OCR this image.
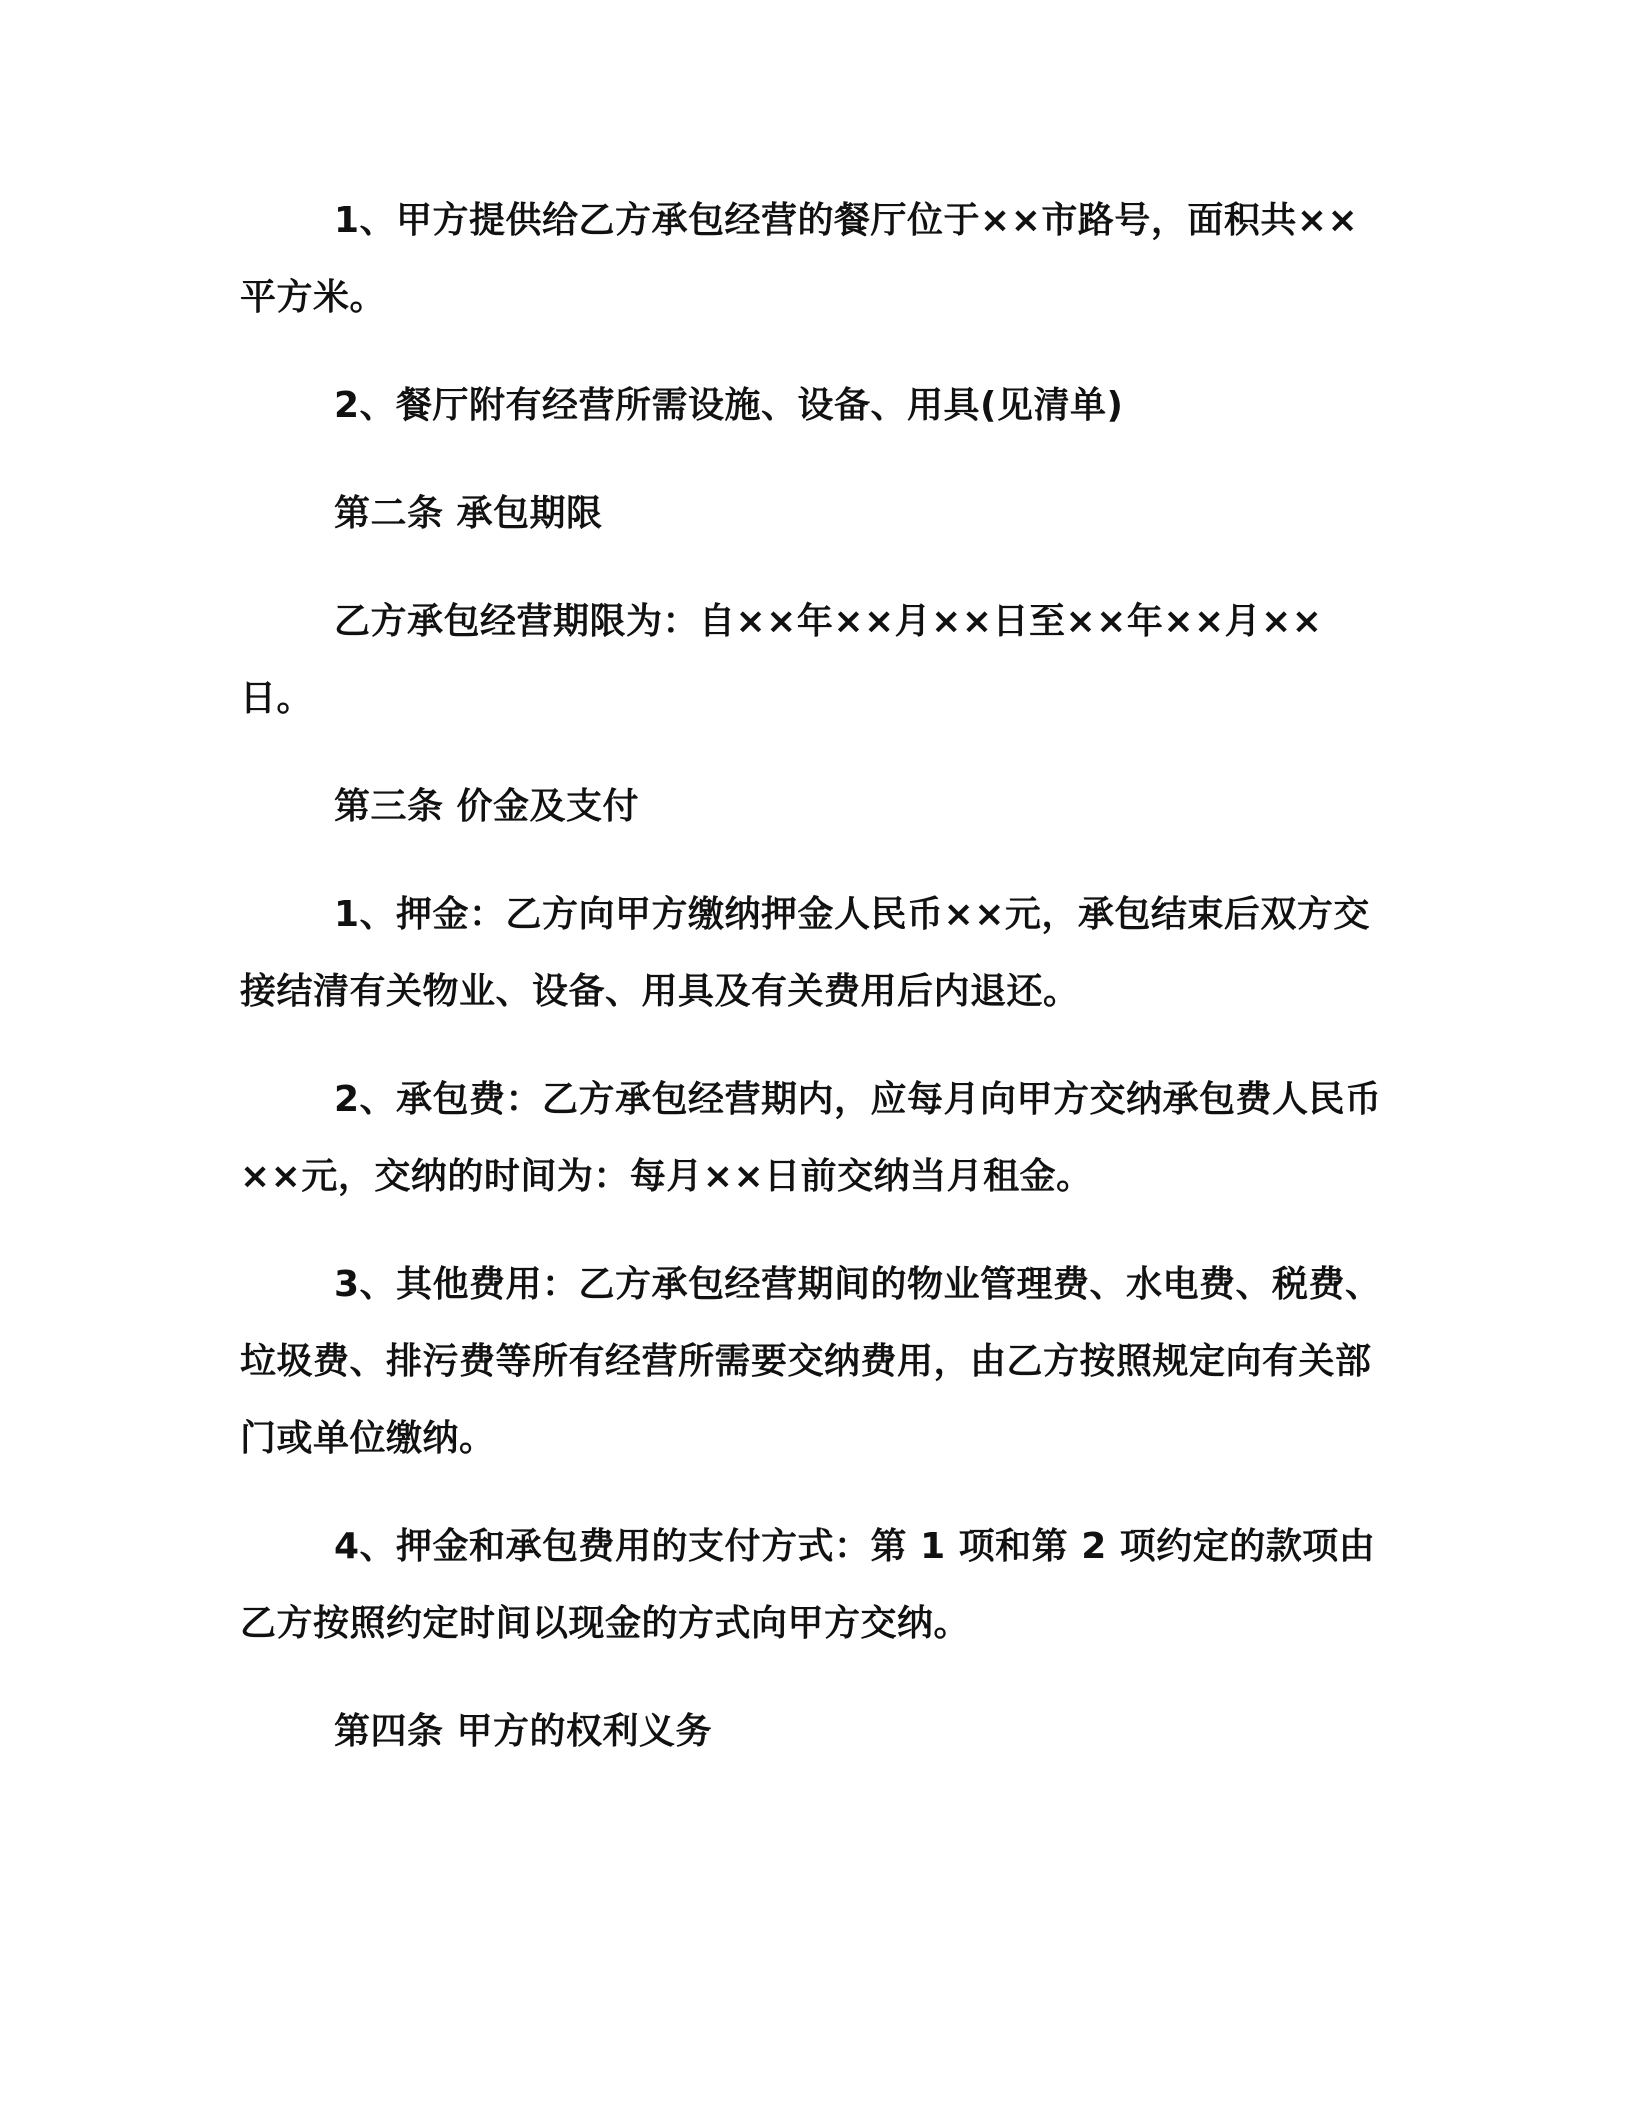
1、甲方提供给乙方承包经营的餐厅位于××市路号，面积共××平方米。

2、餐厅附有经营所需设施、设备、用具(见清单)

第二条 承包期限

乙方承包经营期限为：自××年××月××日至××年××月××日。

第三条 价金及支付

1、押金：乙方向甲方缴纳押金人民币××元，承包结束后双方交接结清有关物业、设备、用具及有关费用后内退还。

2、承包费：乙方承包经营期内，应每月向甲方交纳承包费人民币××元，交纳的时间为：每月××日前交纳当月租金。

3、其他费用：乙方承包经营期间的物业管理费、水电费、税费、垃圾费、排污费等所有经营所需要交纳费用，由乙方按照规定向有关部门或单位缴纳。

4、押金和承包费用的支付方式：第 1 项和第 2 项约定的款项由乙方按照约定时间以现金的方式向甲方交纳。

第四条 甲方的权利义务
